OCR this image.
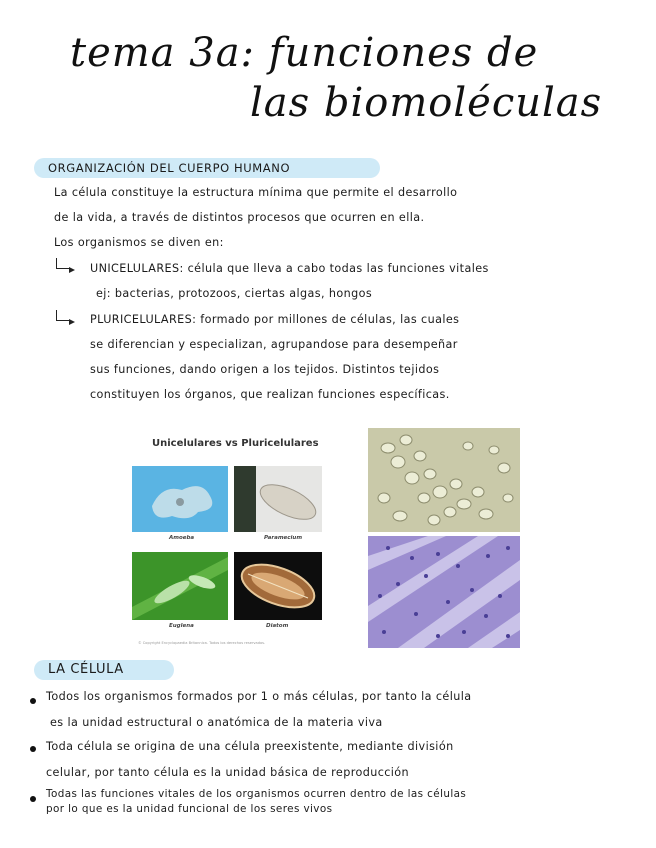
tema 3a: funciones de
las biomoléculas
ORGANIZACIÓN DEL CUERPO HUMANO
La célula constituye la estructura mínima que permite el desarrollo
de la vida, a través de distintos procesos que ocurren en ella.
Los organismos se diven en:
UNICELULARES: célula que lleva a cabo todas las funciones vitales
ej: bacterias, protozoos, ciertas algas, hongos
PLURICELULARES: formado por millones de células, las cuales
se diferencian y especializan, agrupandose para desempeñar
sus funciones, dando origen a los tejidos. Distintos tejidos
constituyen los órganos, que realizan funciones específicas.
Unicelulares vs Pluricelulares
Amoeba	Paramecium
Euglena	Diatom
© Copyright Encyclopaedia Britannica. Todos los derechos reservados.
LA CÉLULA
Todos los organismos formados por 1 o más células, por tanto la célula
es la unidad estructural o anatómica de la materia viva
Toda célula se origina de una célula preexistente, mediante división
celular, por tanto célula es la unidad básica de reproducción
Todas las funciones vitales de los organismos ocurren dentro de las células
por lo que es la unidad funcional de los seres vivos
